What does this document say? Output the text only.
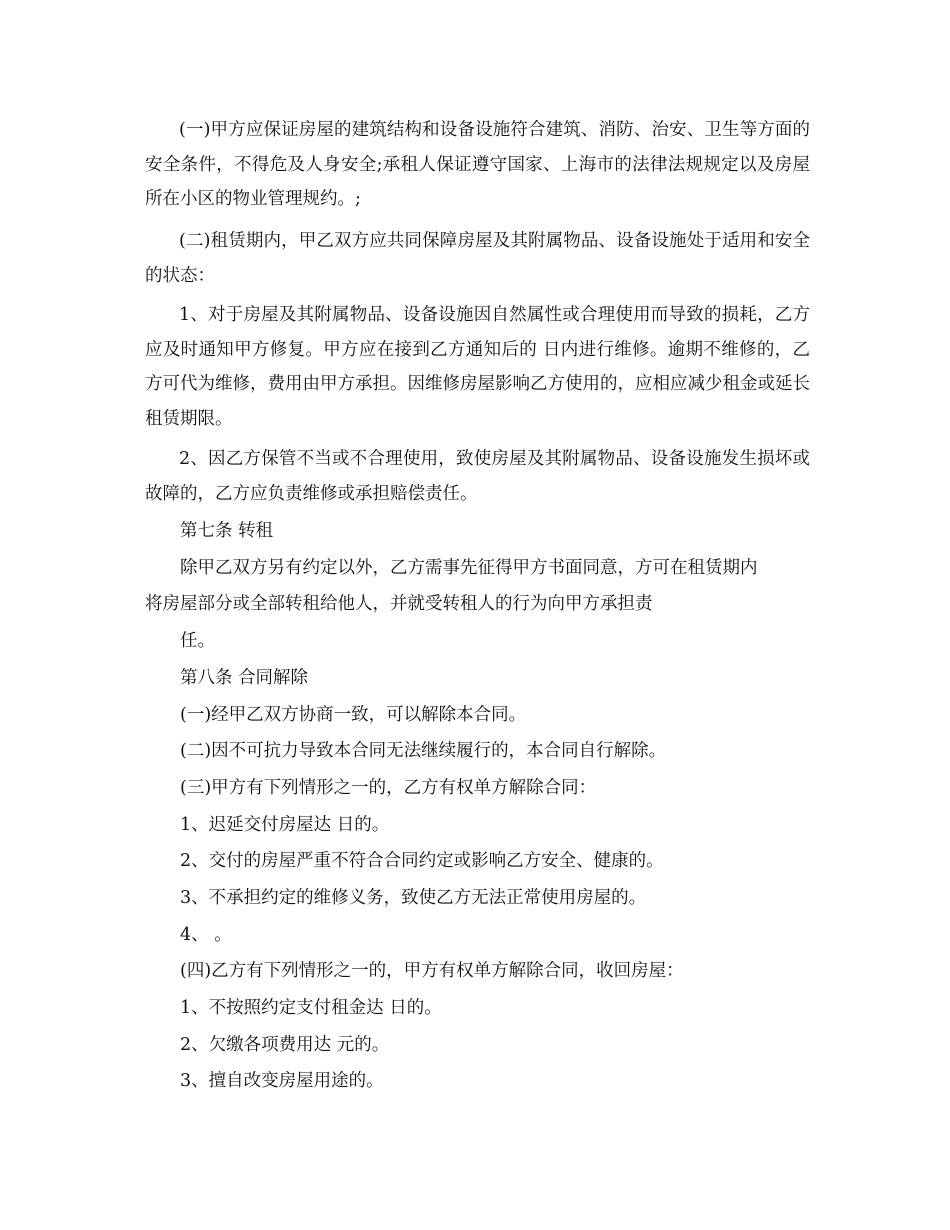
(一)甲方应保证房屋的建筑结构和设备设施符合建筑、消防、治安、卫生等方面的安全条件，不得危及人身安全;承租人保证遵守国家、上海市的法律法规规定以及房屋所在小区的物业管理规约。;

(二)租赁期内，甲乙双方应共同保障房屋及其附属物品、设备设施处于适用和安全的状态：

1、对于房屋及其附属物品、设备设施因自然属性或合理使用而导致的损耗，乙方应及时通知甲方修复。甲方应在接到乙方通知后的 日内进行维修。逾期不维修的，乙方可代为维修，费用由甲方承担。因维修房屋影响乙方使用的，应相应减少租金或延长租赁期限。

2、因乙方保管不当或不合理使用，致使房屋及其附属物品、设备设施发生损坏或故障的，乙方应负责维修或承担赔偿责任。

第七条 转租
除甲乙双方另有约定以外，乙方需事先征得甲方书面同意，方可在租赁期内
将房屋部分或全部转租给他人，并就受转租人的行为向甲方承担责
任。
第八条 合同解除
(一)经甲乙双方协商一致，可以解除本合同。
(二)因不可抗力导致本合同无法继续履行的，本合同自行解除。
(三)甲方有下列情形之一的，乙方有权单方解除合同：
1、迟延交付房屋达 日的。
2、交付的房屋严重不符合合同约定或影响乙方安全、健康的。
3、不承担约定的维修义务，致使乙方无法正常使用房屋的。
4、 。
(四)乙方有下列情形之一的，甲方有权单方解除合同，收回房屋：
1、不按照约定支付租金达 日的。
2、欠缴各项费用达 元的。
3、擅自改变房屋用途的。
